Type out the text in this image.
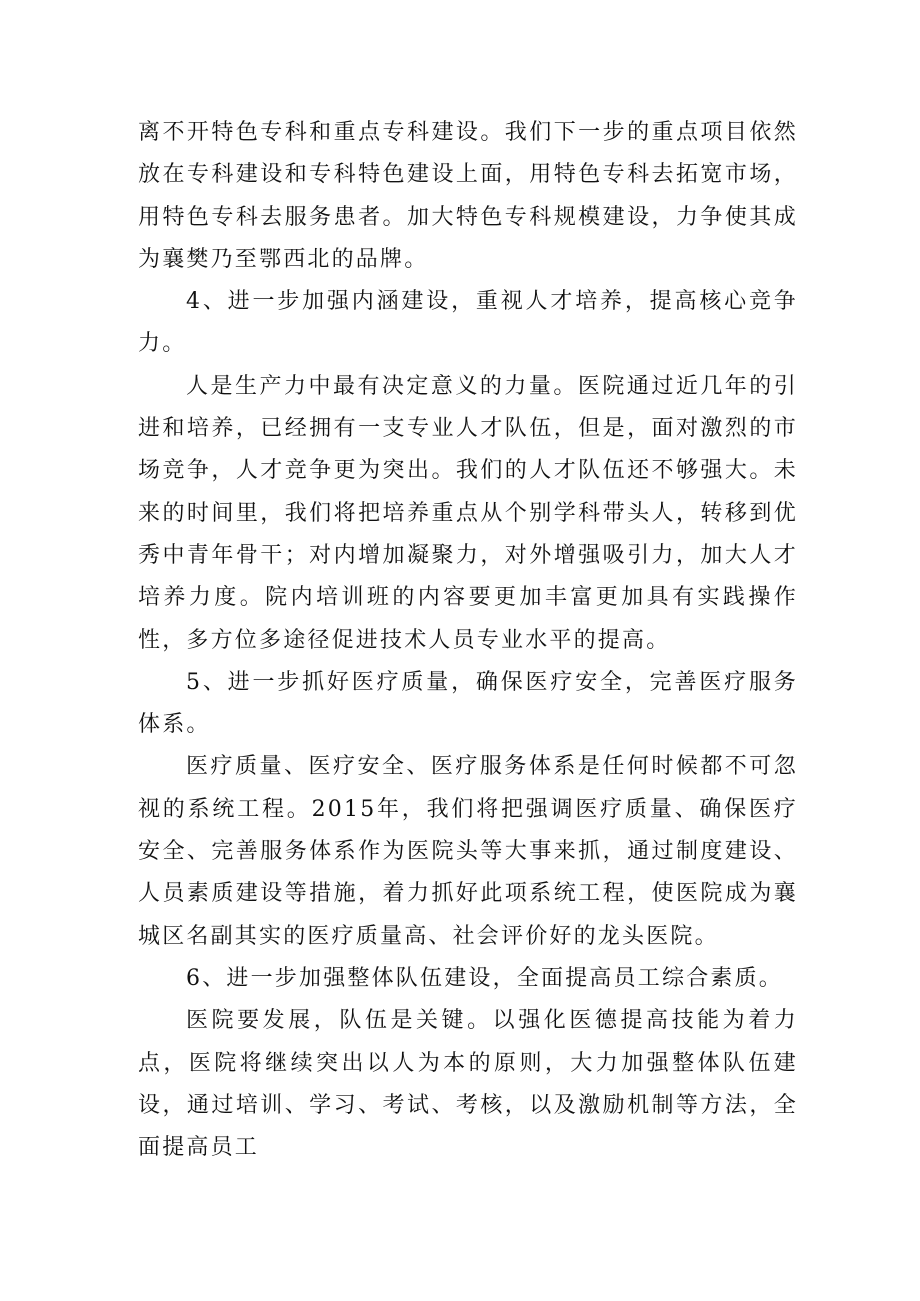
离不开特色专科和重点专科建设。我们下一步的重点项目依然放在专科建设和专科特色建设上面，用特色专科去拓宽市场，用特色专科去服务患者。加大特色专科规模建设，力争使其成为襄樊乃至鄂西北的品牌。

4、进一步加强内涵建设，重视人才培养，提高核心竞争力。

人是生产力中最有决定意义的力量。医院通过近几年的引进和培养，已经拥有一支专业人才队伍，但是，面对激烈的市场竞争，人才竞争更为突出。我们的人才队伍还不够强大。未来的时间里，我们将把培养重点从个别学科带头人，转移到优秀中青年骨干；对内增加凝聚力，对外增强吸引力，加大人才培养力度。院内培训班的内容要更加丰富更加具有实践操作性，多方位多途径促进技术人员专业水平的提高。

5、进一步抓好医疗质量，确保医疗安全，完善医疗服务体系。

医疗质量、医疗安全、医疗服务体系是任何时候都不可忽视的系统工程。2015年，我们将把强调医疗质量、确保医疗安全、完善服务体系作为医院头等大事来抓，通过制度建设、人员素质建设等措施，着力抓好此项系统工程，使医院成为襄城区名副其实的医疗质量高、社会评价好的龙头医院。

6、进一步加强整体队伍建设，全面提高员工综合素质。

医院要发展，队伍是关键。以强化医德提高技能为着力点，医院将继续突出以人为本的原则，大力加强整体队伍建设，通过培训、学习、考试、考核，以及激励机制等方法，全面提高员工
